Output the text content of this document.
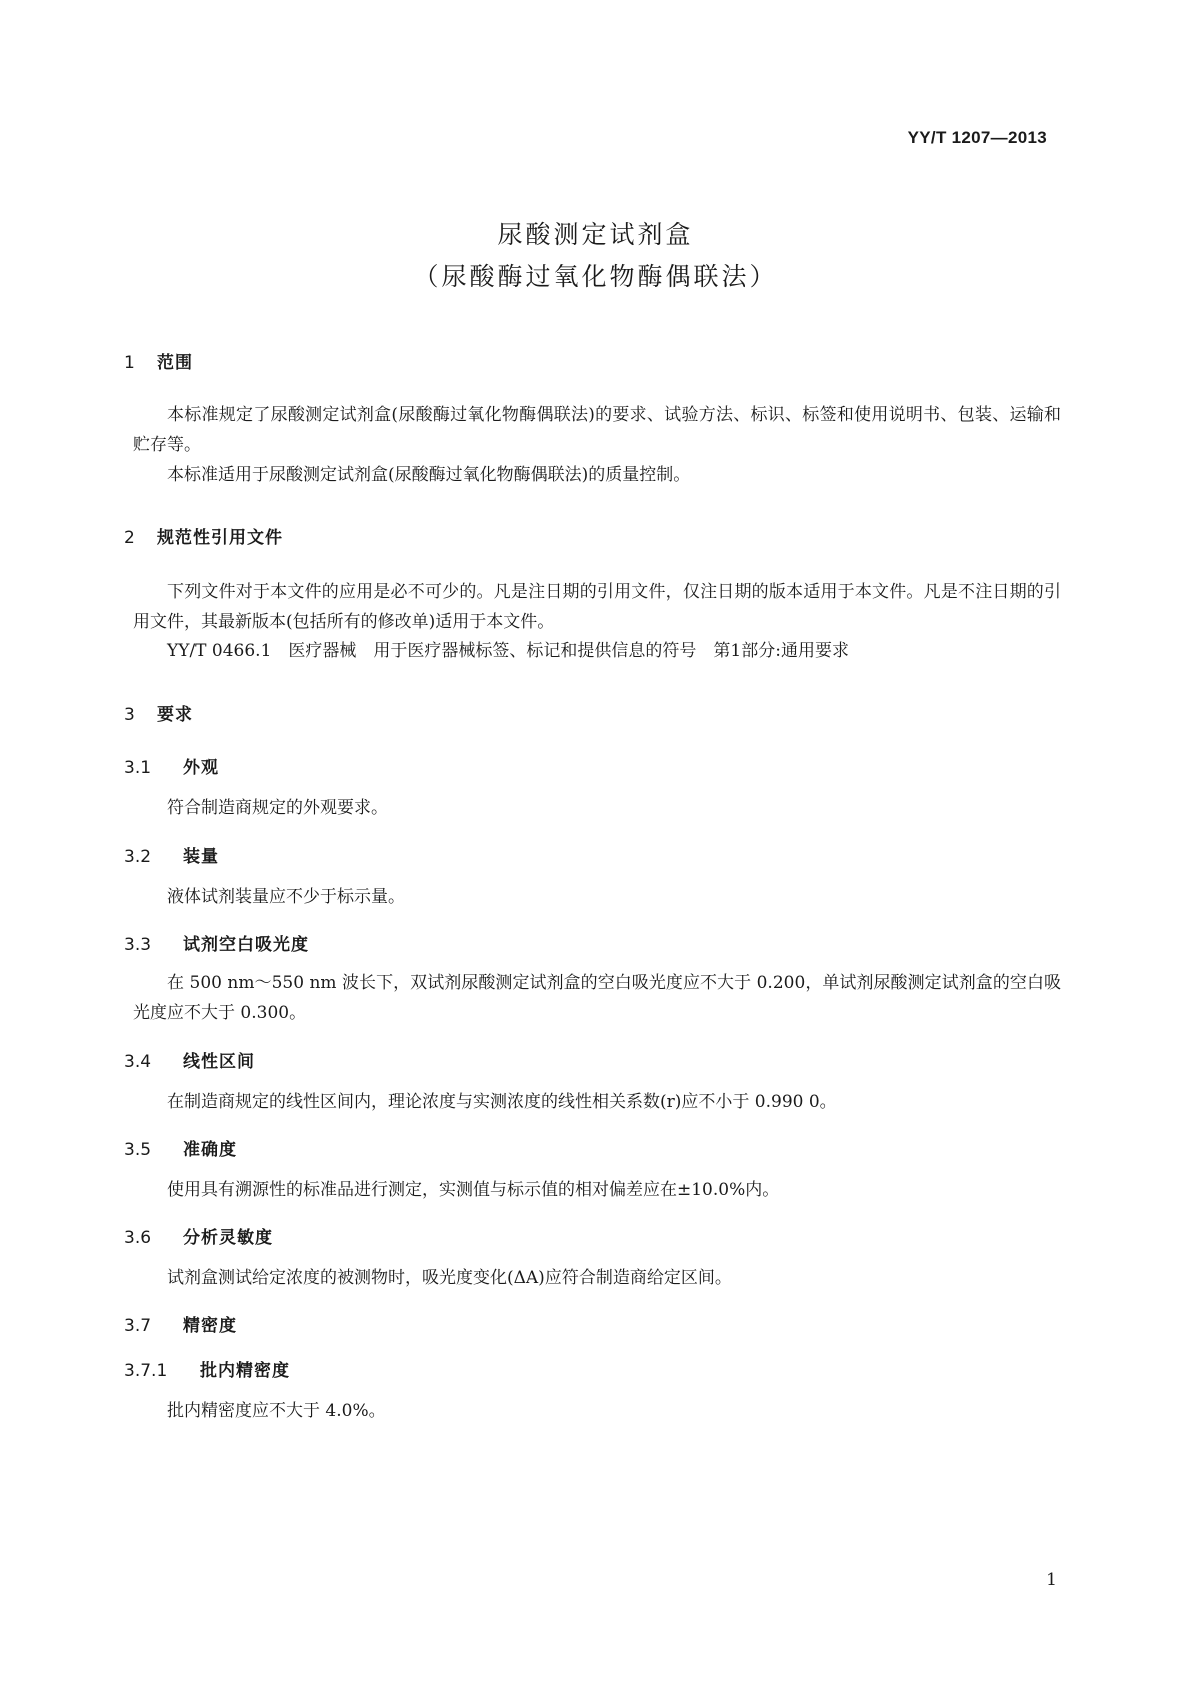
YY/T 1207—2013
尿酸测定试剂盒
（尿酸酶过氧化物酶偶联法）
1 范围
本标准规定了尿酸测定试剂盒(尿酸酶过氧化物酶偶联法)的要求、试验方法、标识、标签和使用说明书、包装、运输和贮存等。
本标准适用于尿酸测定试剂盒(尿酸酶过氧化物酶偶联法)的质量控制。
2 规范性引用文件
下列文件对于本文件的应用是必不可少的。凡是注日期的引用文件，仅注日期的版本适用于本文件。凡是不注日期的引用文件，其最新版本(包括所有的修改单)适用于本文件。
YY/T 0466.1　医疗器械　用于医疗器械标签、标记和提供信息的符号　第1部分:通用要求
3 要求
3.1 外观
符合制造商规定的外观要求。
3.2 装量
液体试剂装量应不少于标示量。
3.3 试剂空白吸光度
在 500 nm～550 nm 波长下，双试剂尿酸测定试剂盒的空白吸光度应不大于 0.200，单试剂尿酸测定试剂盒的空白吸光度应不大于 0.300。
3.4 线性区间
在制造商规定的线性区间内，理论浓度与实测浓度的线性相关系数(r)应不小于 0.990 0。
3.5 准确度
使用具有溯源性的标准品进行测定，实测值与标示值的相对偏差应在±10.0%内。
3.6 分析灵敏度
试剂盒测试给定浓度的被测物时，吸光度变化(ΔA)应符合制造商给定区间。
3.7 精密度
3.7.1 批内精密度
批内精密度应不大于 4.0%。
1
